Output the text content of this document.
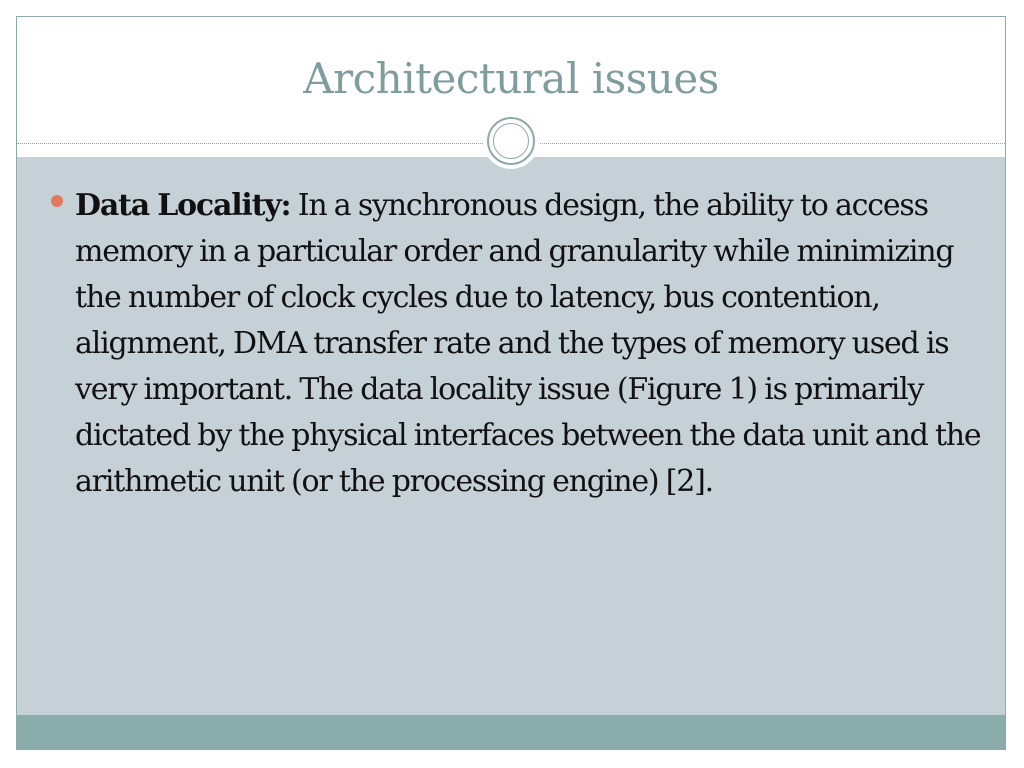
Architectural issues
Data Locality: In a synchronous design, the ability to access memory in a particular order and granularity while minimizing the number of clock cycles due to latency, bus contention, alignment, DMA transfer rate and the types of memory used is very important. The data locality issue (Figure 1) is primarily dictated by the physical interfaces between the data unit and the arithmetic unit (or the processing engine) [2].
